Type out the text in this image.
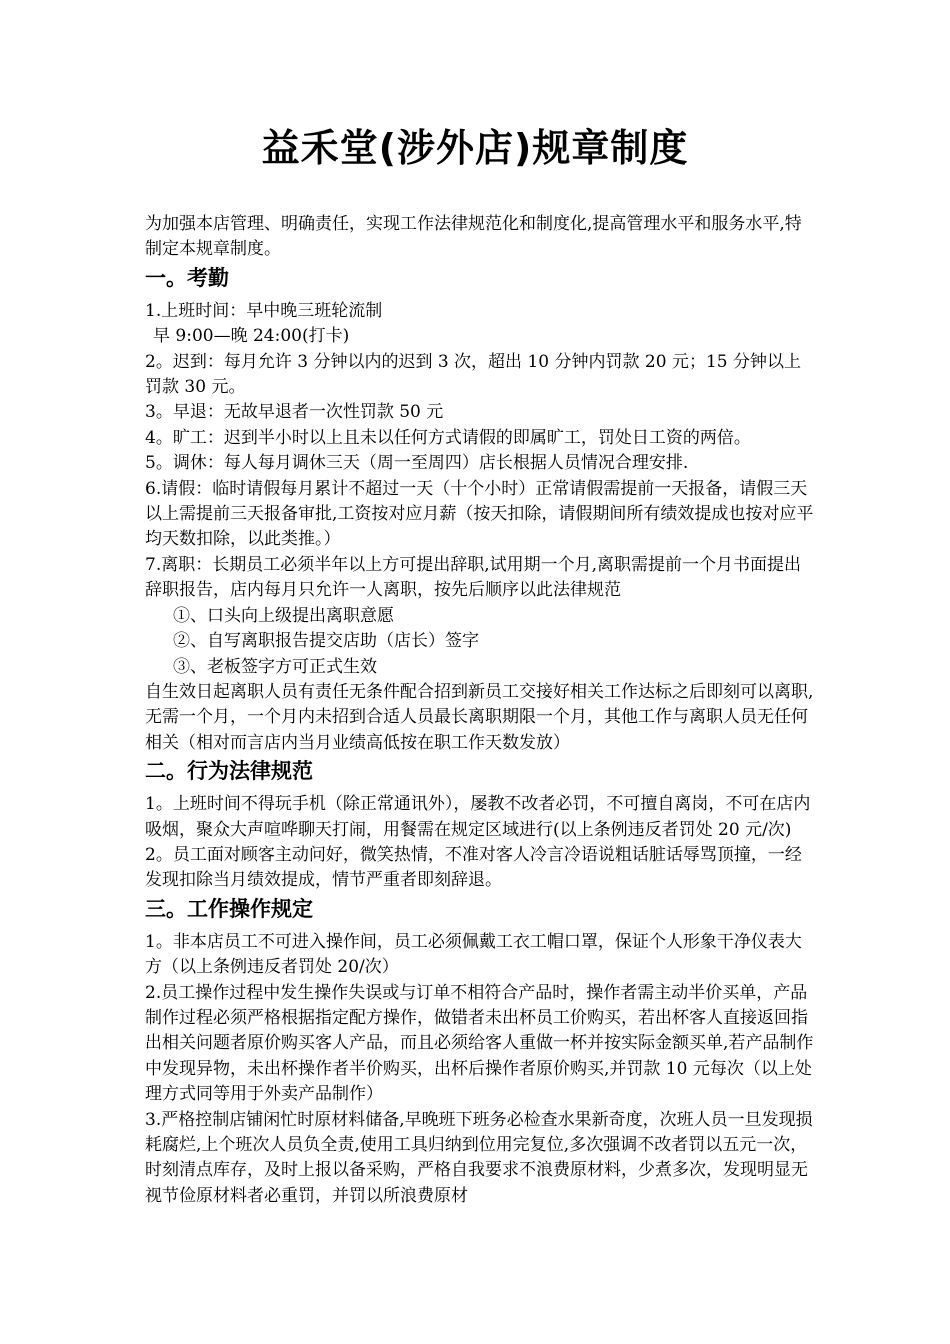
益禾堂(涉外店)规章制度

为加强本店管理、明确责任，实现工作法律规范化和制度化,提高管理水平和服务水平,特制定本规章制度。

一。考勤

1.上班时间：早中晚三班轮流制

早 9:00—晚 24:00(打卡)

2。迟到：每月允许 3 分钟以内的迟到 3 次，超出 10 分钟内罚款 20 元；15 分钟以上罚款 30 元。

3。早退：无故早退者一次性罚款 50 元

4。旷工：迟到半小时以上且未以任何方式请假的即属旷工，罚处日工资的两倍。

5。调休：每人每月调休三天（周一至周四）店长根据人员情况合理安排.

6.请假：临时请假每月累计不超过一天（十个小时）正常请假需提前一天报备，请假三天以上需提前三天报备审批,工资按对应月薪（按天扣除，请假期间所有绩效提成也按对应平均天数扣除，以此类推。）

7.离职：长期员工必须半年以上方可提出辞职,试用期一个月,离职需提前一个月书面提出辞职报告，店内每月只允许一人离职，按先后顺序以此法律规范

①、口头向上级提出离职意愿

②、自写离职报告提交店助（店长）签字

③、老板签字方可正式生效

自生效日起离职人员有责任无条件配合招到新员工交接好相关工作达标之后即刻可以离职,无需一个月，一个月内未招到合适人员最长离职期限一个月，其他工作与离职人员无任何相关（相对而言店内当月业绩高低按在职工作天数发放）

二。行为法律规范

1。上班时间不得玩手机（除正常通讯外），屡教不改者必罚，不可擅自离岗，不可在店内吸烟，聚众大声喧哗聊天打闹，用餐需在规定区域进行(以上条例违反者罚处 20 元/次)

2。员工面对顾客主动问好，微笑热情，不准对客人冷言冷语说粗话脏话辱骂顶撞，一经发现扣除当月绩效提成，情节严重者即刻辞退。

三。工作操作规定

1。非本店员工不可进入操作间，员工必须佩戴工衣工帽口罩，保证个人形象干净仪表大方（以上条例违反者罚处 20/次）

2.员工操作过程中发生操作失误或与订单不相符合产品时，操作者需主动半价买单，产品制作过程必须严格根据指定配方操作，做错者未出杯员工价购买，若出杯客人直接返回指出相关问题者原价购买客人产品，而且必须给客人重做一杯并按实际金额买单,若产品制作中发现异物，未出杯操作者半价购买，出杯后操作者原价购买,并罚款 10 元每次（以上处理方式同等用于外卖产品制作）

3.严格控制店铺闲忙时原材料储备,早晚班下班务必检查水果新奇度，次班人员一旦发现损耗腐烂,上个班次人员负全责,使用工具归纳到位用完复位,多次强调不改者罚以五元一次，时刻清点库存，及时上报以备采购，严格自我要求不浪费原材料，少煮多次，发现明显无视节俭原材料者必重罚，并罚以所浪费原材
